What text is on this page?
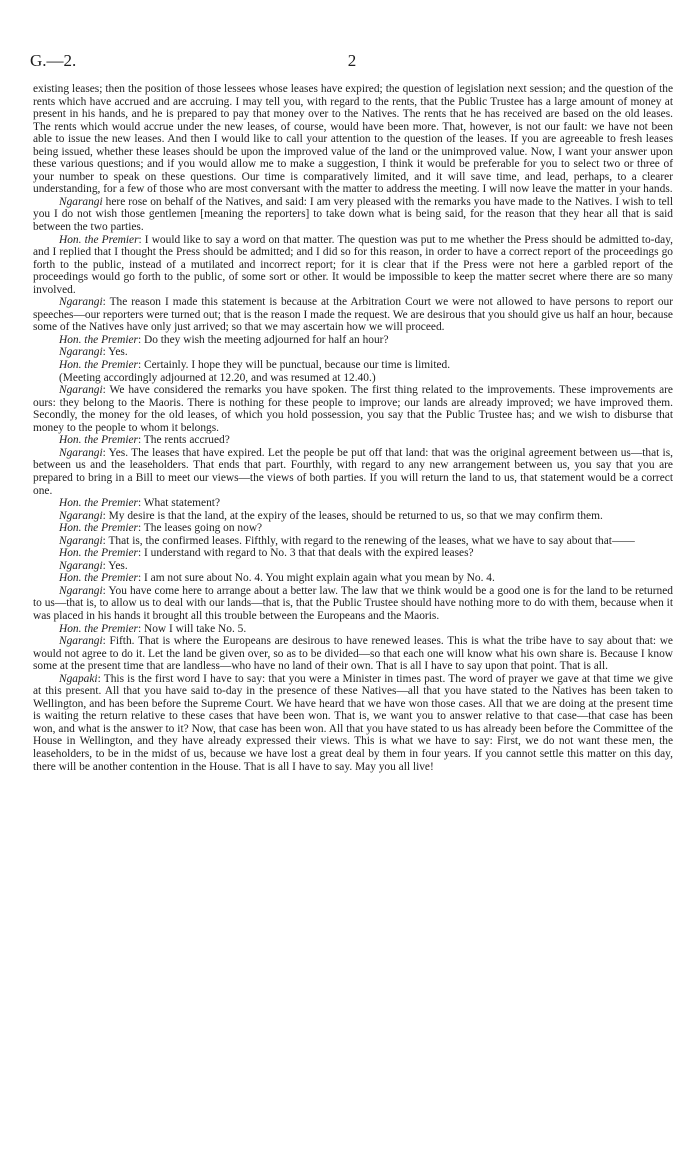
G.—2.	2

existing leases; then the position of those lessees whose leases have expired; the question of legislation next session; and the question of the rents which have accrued and are accruing. I may tell you, with regard to the rents, that the Public Trustee has a large amount of money at present in his hands, and he is prepared to pay that money over to the Natives. The rents that he has received are based on the old leases. The rents which would accrue under the new leases, of course, would have been more. That, however, is not our fault: we have not been able to issue the new leases. And then I would like to call your attention to the question of the leases. If you are agreeable to fresh leases being issued, whether these leases should be upon the improved value of the land or the unimproved value. Now, I want your answer upon these various questions; and if you would allow me to make a suggestion, I think it would be preferable for you to select two or three of your number to speak on these questions. Our time is comparatively limited, and it will save time, and lead, perhaps, to a clearer understanding, for a few of those who are most conversant with the matter to address the meeting. I will now leave the matter in your hands.

Ngarangi here rose on behalf of the Natives, and said: I am very pleased with the remarks you have made to the Natives. I wish to tell you I do not wish those gentlemen [meaning the reporters] to take down what is being said, for the reason that they hear all that is said between the two parties.

Hon. the Premier: I would like to say a word on that matter. The question was put to me whether the Press should be admitted to-day, and I replied that I thought the Press should be admitted; and I did so for this reason, in order to have a correct report of the proceedings go forth to the public, instead of a mutilated and incorrect report; for it is clear that if the Press were not here a garbled report of the proceedings would go forth to the public, of some sort or other. It would be impossible to keep the matter secret where there are so many involved.

Ngarangi: The reason I made this statement is because at the Arbitration Court we were not allowed to have persons to report our speeches—our reporters were turned out; that is the reason I made the request. We are desirous that you should give us half an hour, because some of the Natives have only just arrived; so that we may ascertain how we will proceed.

Hon. the Premier: Do they wish the meeting adjourned for half an hour?

Ngarangi: Yes.

Hon. the Premier: Certainly. I hope they will be punctual, because our time is limited.

(Meeting accordingly adjourned at 12.20, and was resumed at 12.40.)

Ngarangi: We have considered the remarks you have spoken. The first thing related to the improvements. These improvements are ours: they belong to the Maoris. There is nothing for these people to improve; our lands are already improved; we have improved them. Secondly, the money for the old leases, of which you hold possession, you say that the Public Trustee has; and we wish to disburse that money to the people to whom it belongs.

Hon. the Premier: The rents accrued?

Ngarangi: Yes. The leases that have expired. Let the people be put off that land: that was the original agreement between us—that is, between us and the leaseholders. That ends that part. Fourthly, with regard to any new arrangement between us, you say that you are prepared to bring in a Bill to meet our views—the views of both parties. If you will return the land to us, that statement would be a correct one.

Hon. the Premier: What statement?

Ngarangi: My desire is that the land, at the expiry of the leases, should be returned to us, so that we may confirm them.

Hon. the Premier: The leases going on now?

Ngarangi: That is, the confirmed leases. Fifthly, with regard to the renewing of the leases, what we have to say about that——

Hon. the Premier: I understand with regard to No. 3 that that deals with the expired leases?

Ngarangi: Yes.

Hon. the Premier: I am not sure about No. 4. You might explain again what you mean by No. 4.

Ngarangi: You have come here to arrange about a better law. The law that we think would be a good one is for the land to be returned to us—that is, to allow us to deal with our lands—that is, that the Public Trustee should have nothing more to do with them, because when it was placed in his hands it brought all this trouble between the Europeans and the Maoris.

Hon. the Premier: Now I will take No. 5.

Ngarangi: Fifth. That is where the Europeans are desirous to have renewed leases. This is what the tribe have to say about that: we would not agree to do it. Let the land be given over, so as to be divided—so that each one will know what his own share is. Because I know some at the present time that are landless—who have no land of their own. That is all I have to say upon that point. That is all.

Ngapaki: This is the first word I have to say: that you were a Minister in times past. The word of prayer we gave at that time we give at this present. All that you have said to-day in the presence of these Natives—all that you have stated to the Natives has been taken to Wellington, and has been before the Supreme Court. We have heard that we have won those cases. All that we are doing at the present time is waiting the return relative to these cases that have been won. That is, we want you to answer relative to that case—that case has been won, and what is the answer to it? Now, that case has been won. All that you have stated to us has already been before the Committee of the House in Wellington, and they have already expressed their views. This is what we have to say: First, we do not want these men, the leaseholders, to be in the midst of us, because we have lost a great deal by them in four years. If you cannot settle this matter on this day, there will be another contention in the House. That is all I have to say. May you all live!
